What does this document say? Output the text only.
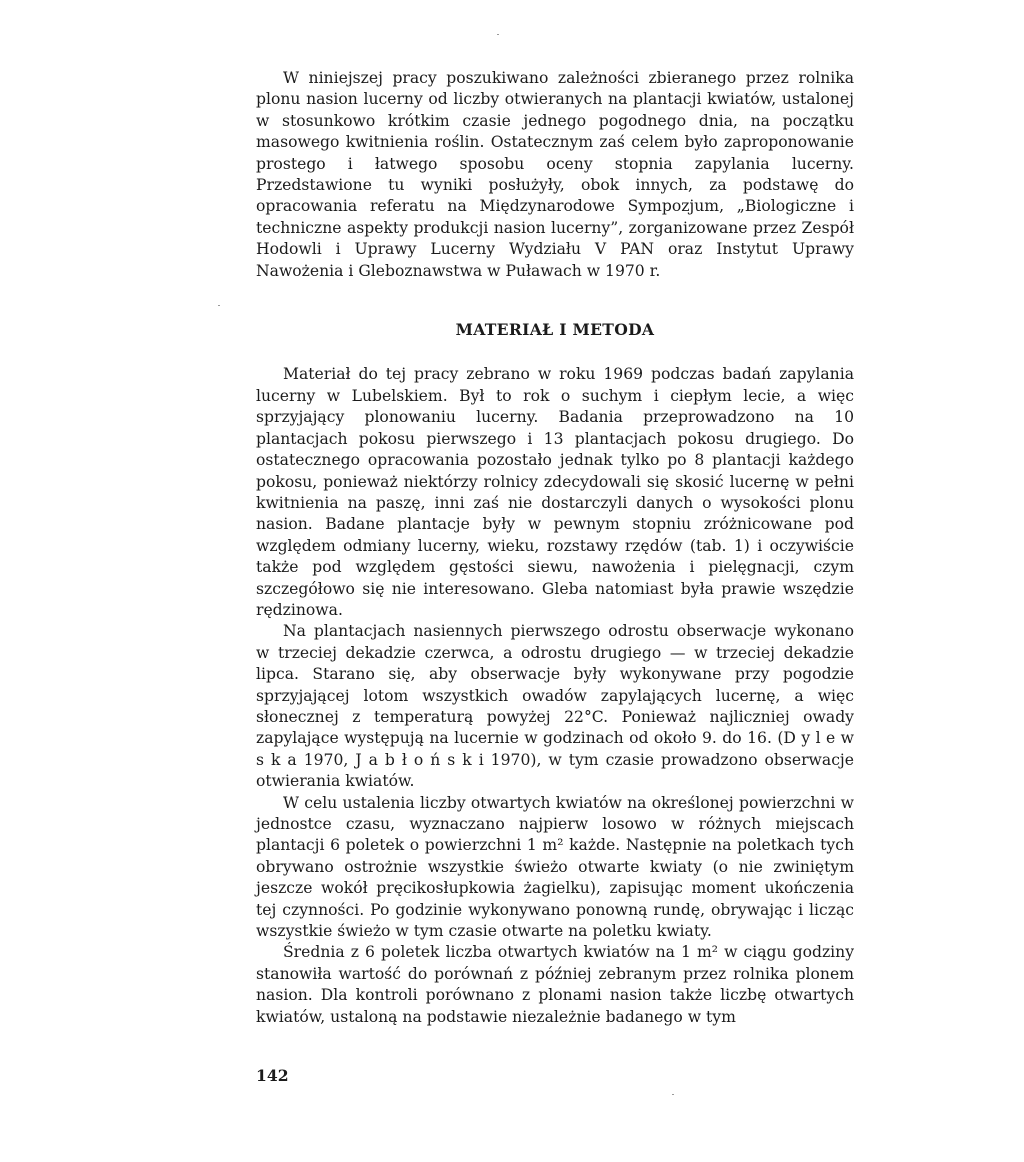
W niniejszej pracy poszukiwano zależności zbieranego przez rolnika plonu nasion lucerny od liczby otwieranych na plantacji kwiatów, ustalonej w stosunkowo krótkim czasie jednego pogodnego dnia, na początku masowego kwitnienia roślin. Ostatecznym zaś celem było zaproponowanie prostego i łatwego sposobu oceny stopnia zapylania lucerny. Przedstawione tu wyniki posłużyły, obok innych, za podstawę do opracowania referatu na Międzynarodowe Sympozjum, „Biologiczne i techniczne aspekty produkcji nasion lucerny”, zorganizowane przez Zespół Hodowli i Uprawy Lucerny Wydziału V PAN oraz Instytut Uprawy Nawożenia i Gleboznawstwa w Puławach w 1970 r.

MATERIAŁ I METODA

Materiał do tej pracy zebrano w roku 1969 podczas badań zapylania lucerny w Lubelskiem. Był to rok o suchym i ciepłym lecie, a więc sprzyjający plonowaniu lucerny. Badania przeprowadzono na 10 plantacjach pokosu pierwszego i 13 plantacjach pokosu drugiego. Do ostatecznego opracowania pozostało jednak tylko po 8 plantacji każdego pokosu, ponieważ niektórzy rolnicy zdecydowali się skosić lucernę w pełni kwitnienia na paszę, inni zaś nie dostarczyli danych o wysokości plonu nasion. Badane plantacje były w pewnym stopniu zróżnicowane pod względem odmiany lucerny, wieku, rozstawy rzędów (tab. 1) i oczywiście także pod względem gęstości siewu, nawożenia i pielęgnacji, czym szczegółowo się nie interesowano. Gleba natomiast była prawie wszędzie rędzinowa.

Na plantacjach nasiennych pierwszego odrostu obserwacje wykonano w trzeciej dekadzie czerwca, a odrostu drugiego — w trzeciej dekadzie lipca. Starano się, aby obserwacje były wykonywane przy pogodzie sprzyjającej lotom wszystkich owadów zapylających lucernę, a więc słonecznej z temperaturą powyżej 22°C. Ponieważ najliczniej owady zapylające występują na lucernie w godzinach od około 9. do 16. (D y l e w s k a 1970, J a b ł o ń s k i 1970), w tym czasie prowadzono obserwacje otwierania kwiatów.

W celu ustalenia liczby otwartych kwiatów na określonej powierzchni w jednostce czasu, wyznaczano najpierw losowo w różnych miejscach plantacji 6 poletek o powierzchni 1 m² każde. Następnie na poletkach tych obrywano ostrożnie wszystkie świeżo otwarte kwiaty (o nie zwiniętym jeszcze wokół pręcikosłupkowia żagielku), zapisując moment ukończenia tej czynności. Po godzinie wykonywano ponowną rundę, obrywając i licząc wszystkie świeżo w tym czasie otwarte na poletku kwiaty.

Średnia z 6 poletek liczba otwartych kwiatów na 1 m² w ciągu godziny stanowiła wartość do porównań z później zebranym przez rolnika plonem nasion. Dla kontroli porównano z plonami nasion także liczbę otwartych kwiatów, ustaloną na podstawie niezależnie badanego w tym

142
